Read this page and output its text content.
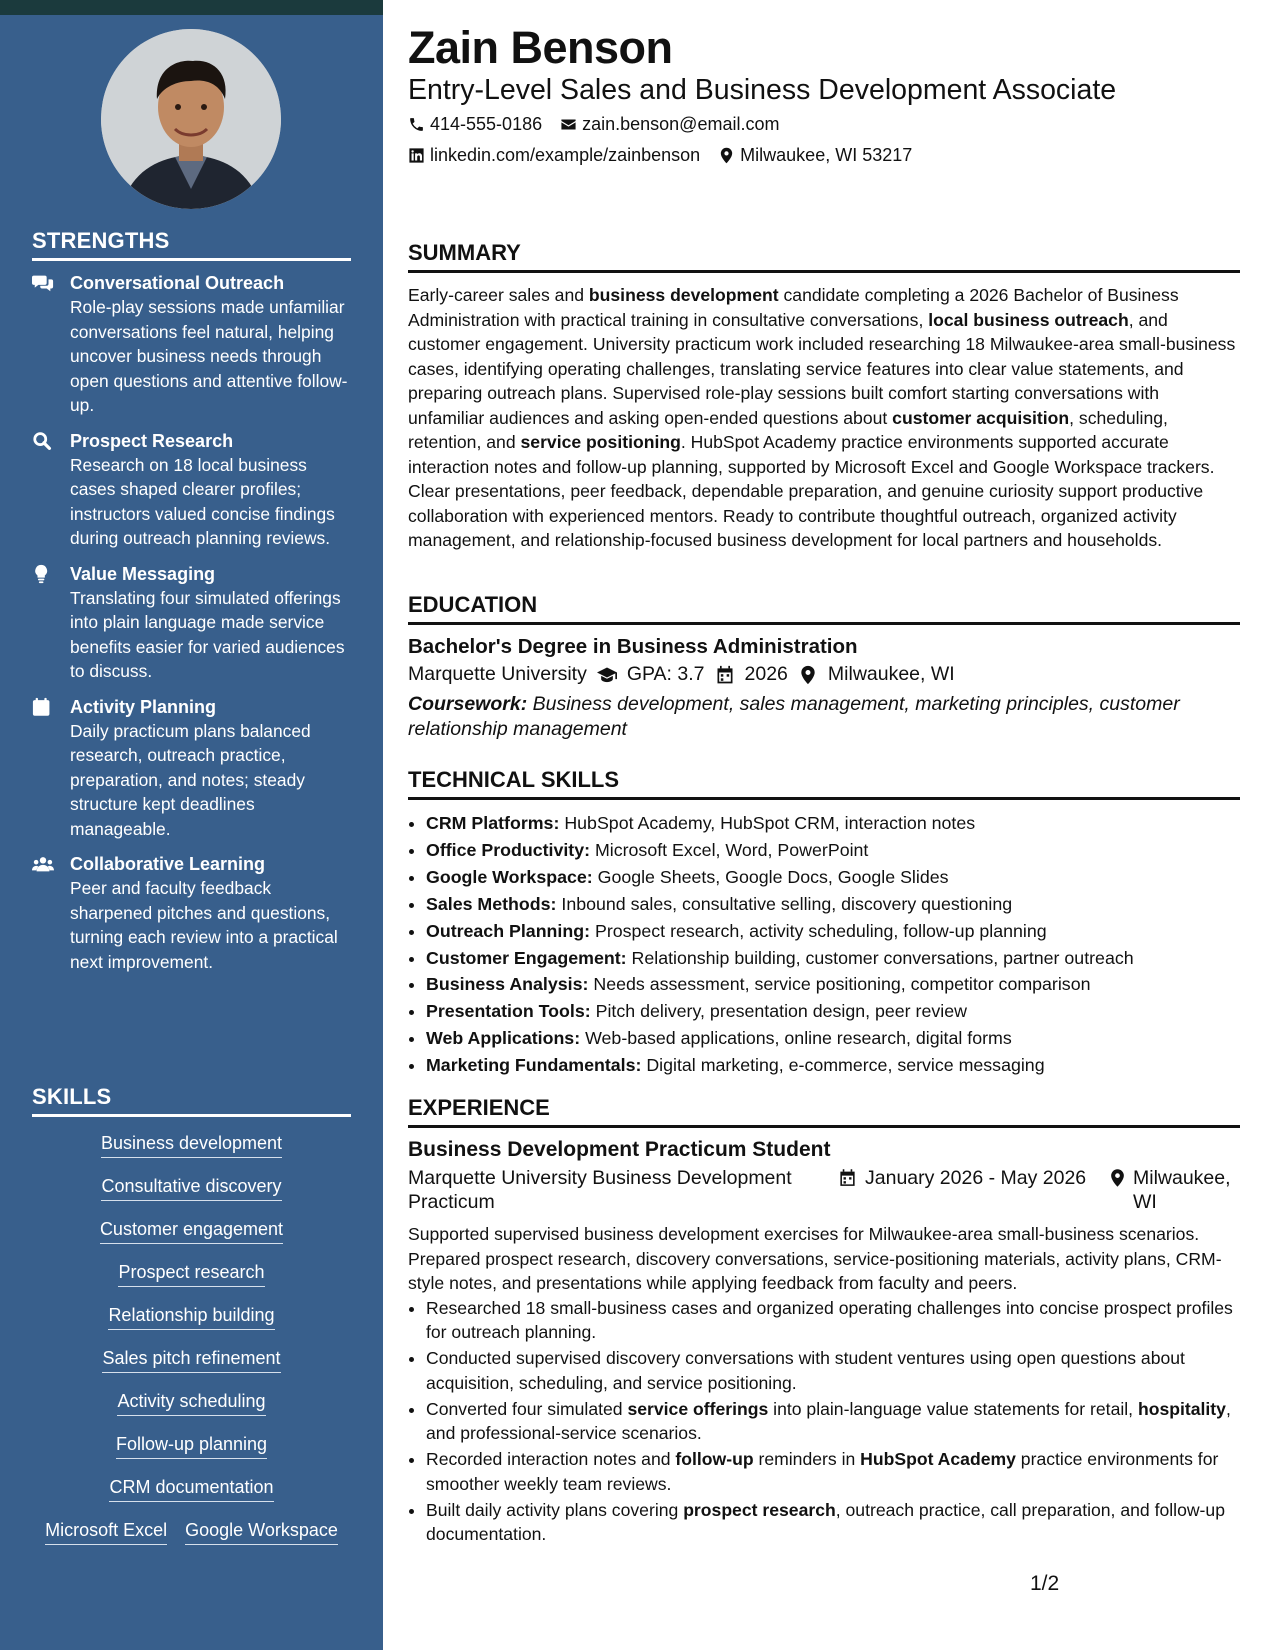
STRENGTHS
Conversational Outreach
Role-play sessions made unfamiliar conversations feel natural, helping uncover business needs through open questions and attentive follow-up.
Prospect Research
Research on 18 local business cases shaped clearer profiles; instructors valued concise findings during outreach planning reviews.
Value Messaging
Translating four simulated offerings into plain language made service benefits easier for varied audiences to discuss.
Activity Planning
Daily practicum plans balanced research, outreach practice, preparation, and notes; steady structure kept deadlines manageable.
Collaborative Learning
Peer and faculty feedback sharpened pitches and questions, turning each review into a practical next improvement.
SKILLS
Business development
Consultative discovery
Customer engagement
Prospect research
Relationship building
Sales pitch refinement
Activity scheduling
Follow-up planning
CRM documentation
Microsoft Excel Google Workspace
Zain Benson
Entry-Level Sales and Business Development Associate
414-555-0186 zain.benson@email.com
linkedin.com/example/zainbenson Milwaukee, WI 53217
SUMMARY
Early-career sales and business development candidate completing a 2026 Bachelor of Business Administration with practical training in consultative conversations, local business outreach, and customer engagement. University practicum work included researching 18 Milwaukee-area small-business cases, identifying operating challenges, translating service features into clear value statements, and preparing outreach plans. Supervised role-play sessions built comfort starting conversations with unfamiliar audiences and asking open-ended questions about customer acquisition, scheduling, retention, and service positioning. HubSpot Academy practice environments supported accurate interaction notes and follow-up planning, supported by Microsoft Excel and Google Workspace trackers. Clear presentations, peer feedback, dependable preparation, and genuine curiosity support productive collaboration with experienced mentors. Ready to contribute thoughtful outreach, organized activity management, and relationship-focused business development for local partners and households.
EDUCATION
Bachelor's Degree in Business Administration
Marquette University GPA: 3.7 2026 Milwaukee, WI
Coursework: Business development, sales management, marketing principles, customer relationship management
TECHNICAL SKILLS
• CRM Platforms: HubSpot Academy, HubSpot CRM, interaction notes
• Office Productivity: Microsoft Excel, Word, PowerPoint
• Google Workspace: Google Sheets, Google Docs, Google Slides
• Sales Methods: Inbound sales, consultative selling, discovery questioning
• Outreach Planning: Prospect research, activity scheduling, follow-up planning
• Customer Engagement: Relationship building, customer conversations, partner outreach
• Business Analysis: Needs assessment, service positioning, competitor comparison
• Presentation Tools: Pitch delivery, presentation design, peer review
• Web Applications: Web-based applications, online research, digital forms
• Marketing Fundamentals: Digital marketing, e-commerce, service messaging
EXPERIENCE
Business Development Practicum Student
Marquette University Business Development Practicum
January 2026 - May 2026 Milwaukee, WI
Supported supervised business development exercises for Milwaukee-area small-business scenarios. Prepared prospect research, discovery conversations, service-positioning materials, activity plans, CRM-style notes, and presentations while applying feedback from faculty and peers.
• Researched 18 small-business cases and organized operating challenges into concise prospect profiles for outreach planning.
• Conducted supervised discovery conversations with student ventures using open questions about acquisition, scheduling, and service positioning.
• Converted four simulated service offerings into plain-language value statements for retail, hospitality, and professional-service scenarios.
• Recorded interaction notes and follow-up reminders in HubSpot Academy practice environments for smoother weekly team reviews.
• Built daily activity plans covering prospect research, outreach practice, call preparation, and follow-up documentation.
1/2
